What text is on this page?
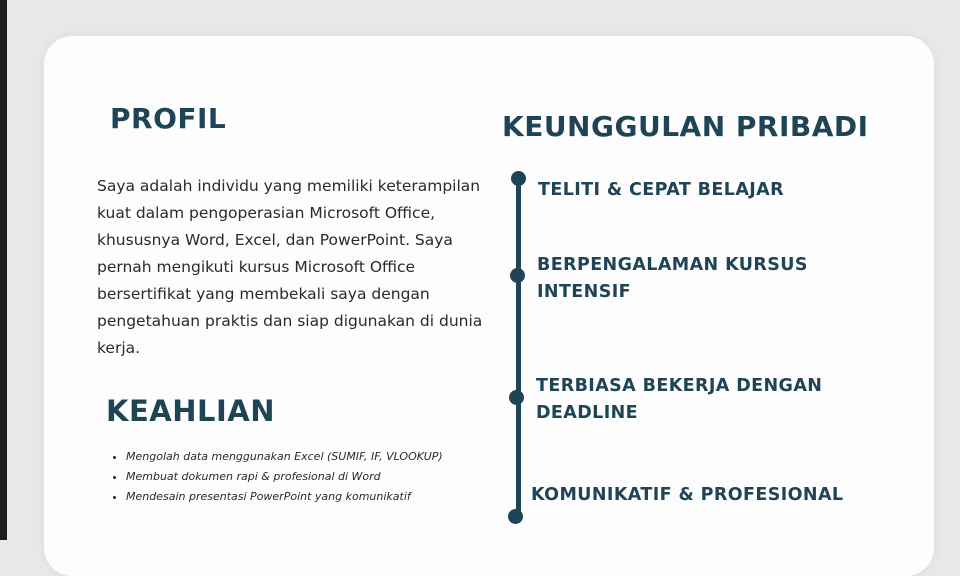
PROFIL

Saya adalah individu yang memiliki keterampilan kuat dalam pengoperasian Microsoft Office, khususnya Word, Excel, dan PowerPoint. Saya pernah mengikuti kursus Microsoft Office bersertifikat yang membekali saya dengan pengetahuan praktis dan siap digunakan di dunia kerja.

KEAHLIAN
• Mengolah data menggunakan Excel (SUMIF, IF, VLOOKUP)
• Membuat dokumen rapi & profesional di Word
• Mendesain presentasi PowerPoint yang komunikatif
KEUNGGULAN PRIBADI

TELITI & CEPAT BELAJAR

BERPENGALAMAN KURSUS INTENSIF

TERBIASA BEKERJA DENGAN DEADLINE

KOMUNIKATIF & PROFESIONAL
